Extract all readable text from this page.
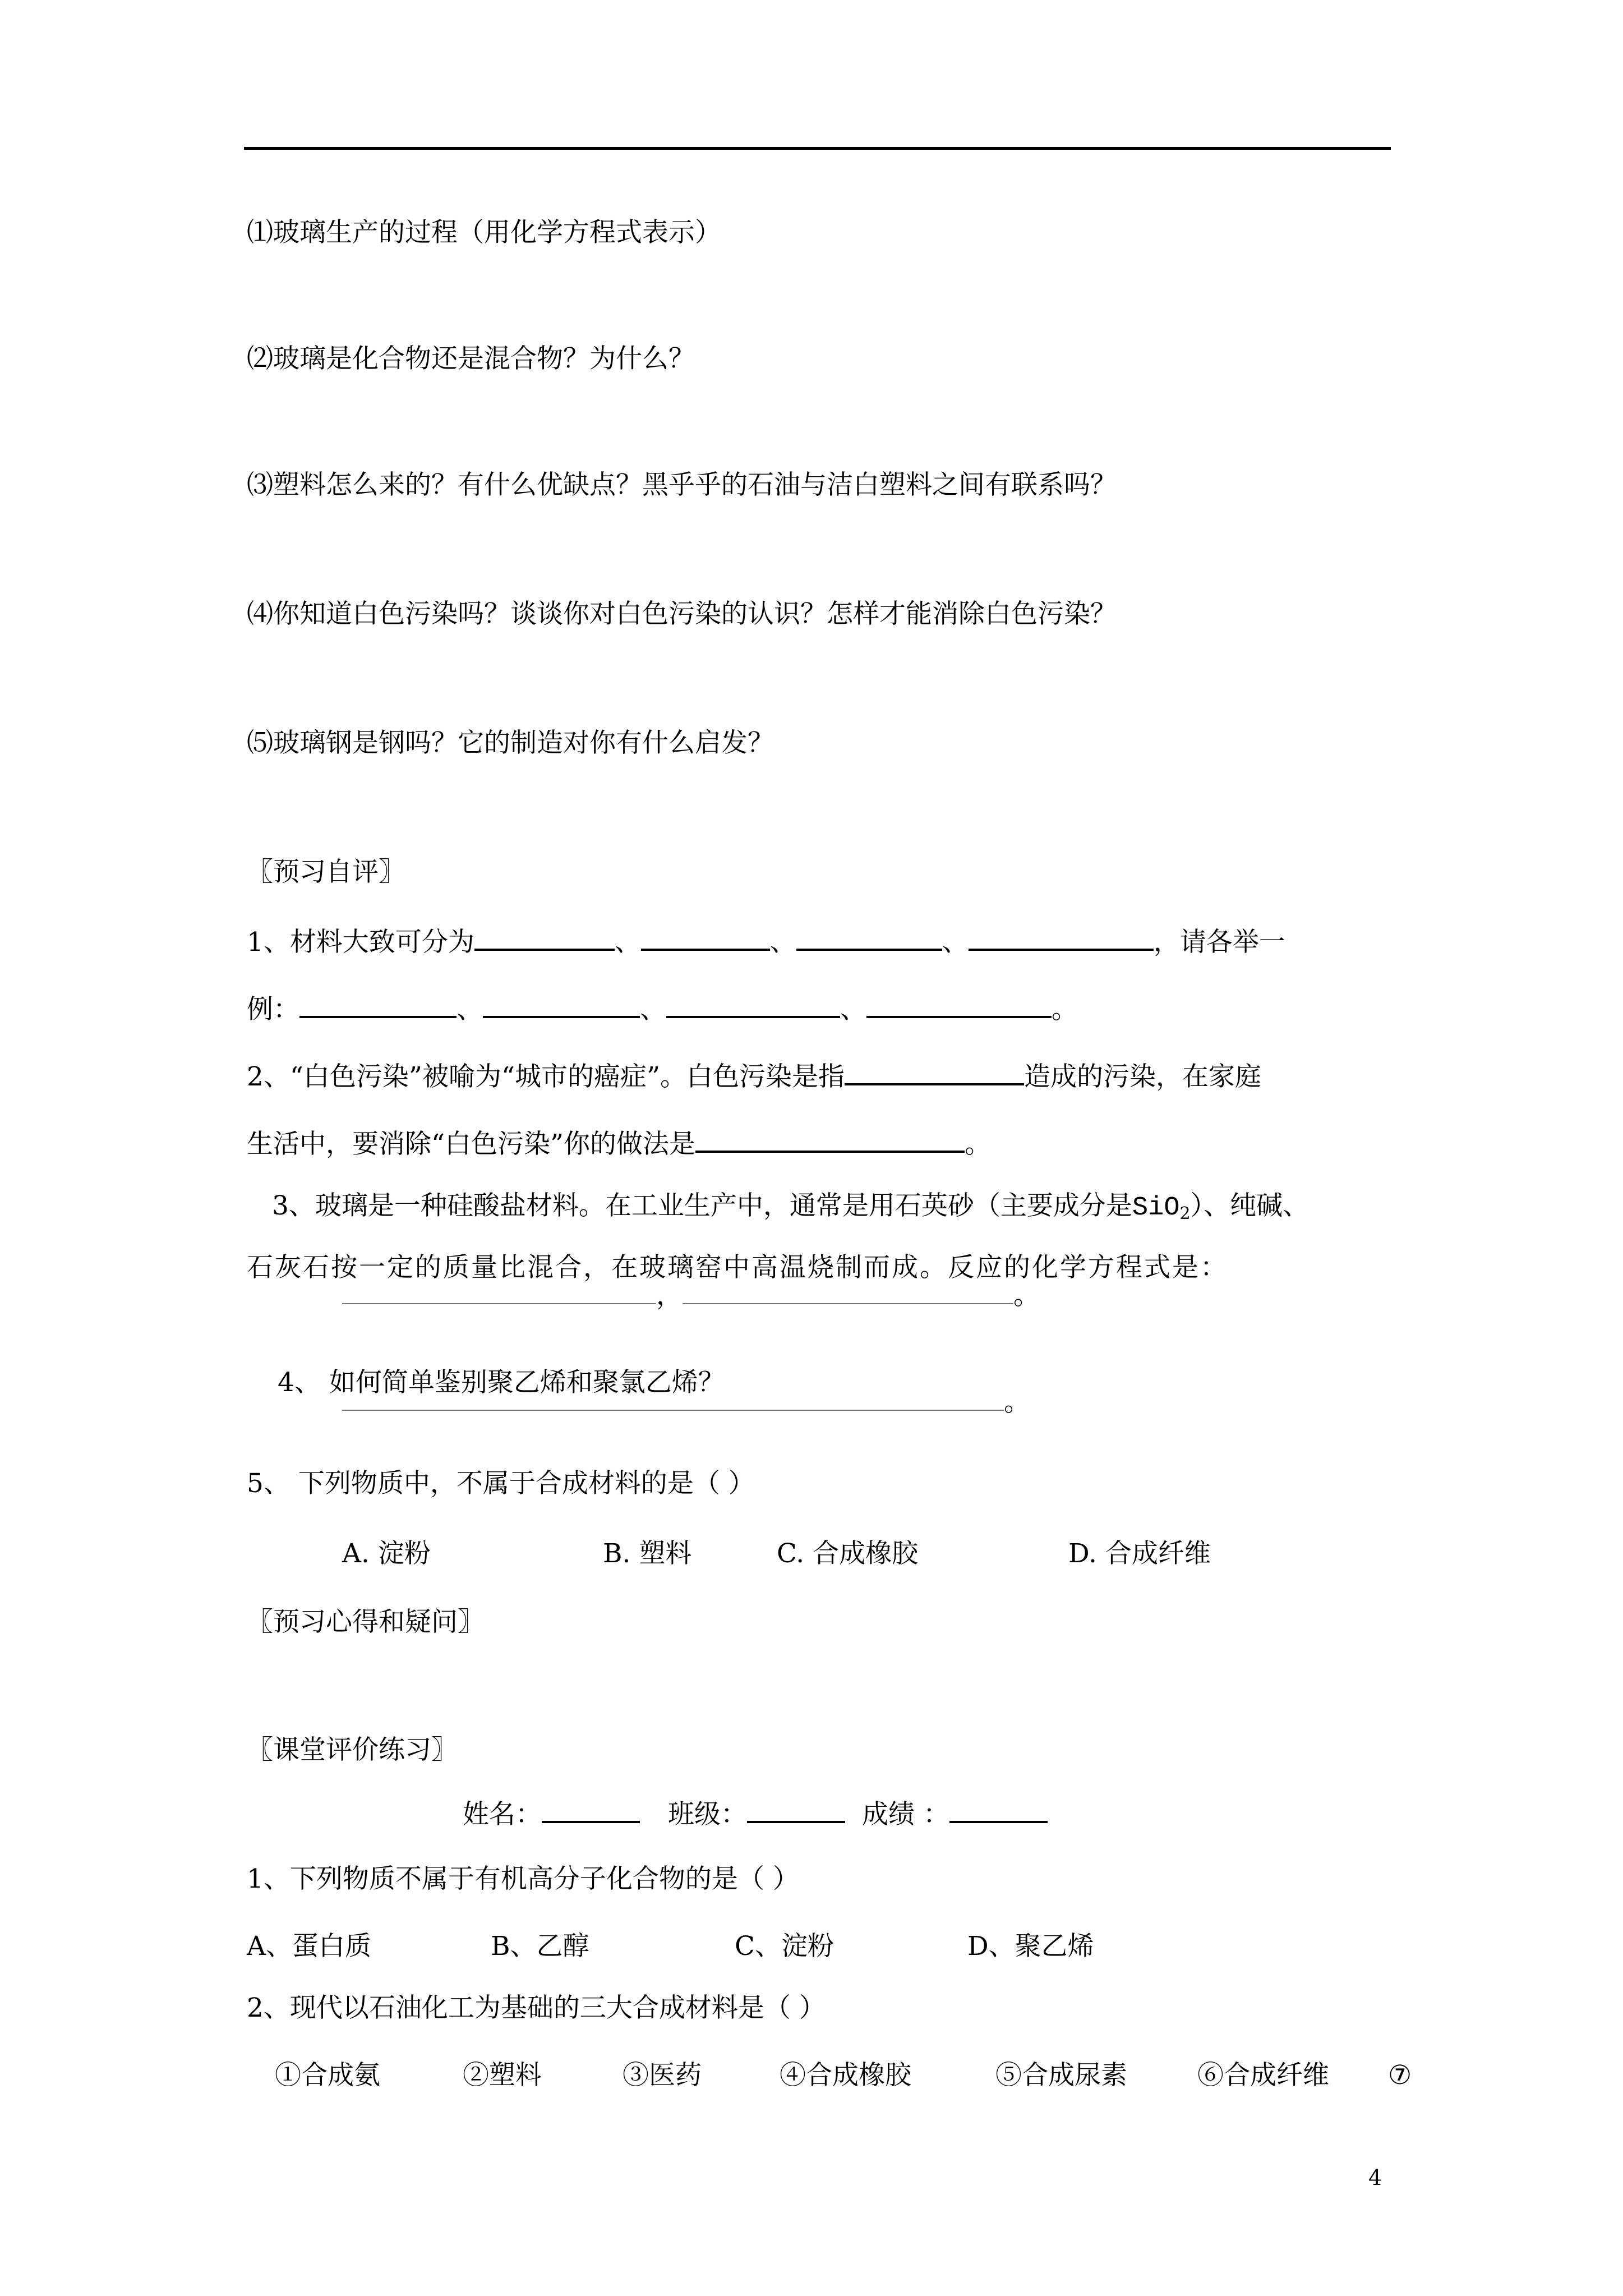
⑴玻璃生产的过程（用化学方程式表示）
⑵玻璃是化合物还是混合物？为什么？
⑶塑料怎么来的？有什么优缺点？黑乎乎的石油与洁白塑料之间有联系吗？
⑷你知道白色污染吗？谈谈你对白色污染的认识？怎样才能消除白色污染？
⑸玻璃钢是钢吗？它的制造对你有什么启发？
〖预习自评〗
1、材料大致可分为	、	、	、	，请各举一
例：	、	、	、	。
2、“白色污染”被喻为“城市的癌症”。白色污染是指	造成的污染，在家庭
生活中，要消除“白色污染”你的做法是	。
3、玻璃是一种硅酸盐材料。在工业生产中，通常是用石英砂（主要成分是SiO$_2$）、纯碱、
石灰石按一定的质量比混合，在玻璃窑中高温烧制而成。反应的化学方程式是：
，	。
4、 如何简单鉴别聚乙烯和聚氯乙烯？
。
5、 下列物质中，不属于合成材料的是（ ）
A. 淀粉	B. 塑料	C. 合成橡胶	D. 合成纤维
〖预习心得和疑问〗
〖课堂评价练习〗
姓名：	班级：	成绩 ：
1、下列物质不属于有机高分子化合物的是（ ）
A、蛋白质	B、乙醇	C、淀粉	D、聚乙烯
2、现代以石油化工为基础的三大合成材料是（ ）
①合成氨	②塑料	③医药	④合成橡胶	⑤合成尿素	⑥合成纤维 ⑦
4
